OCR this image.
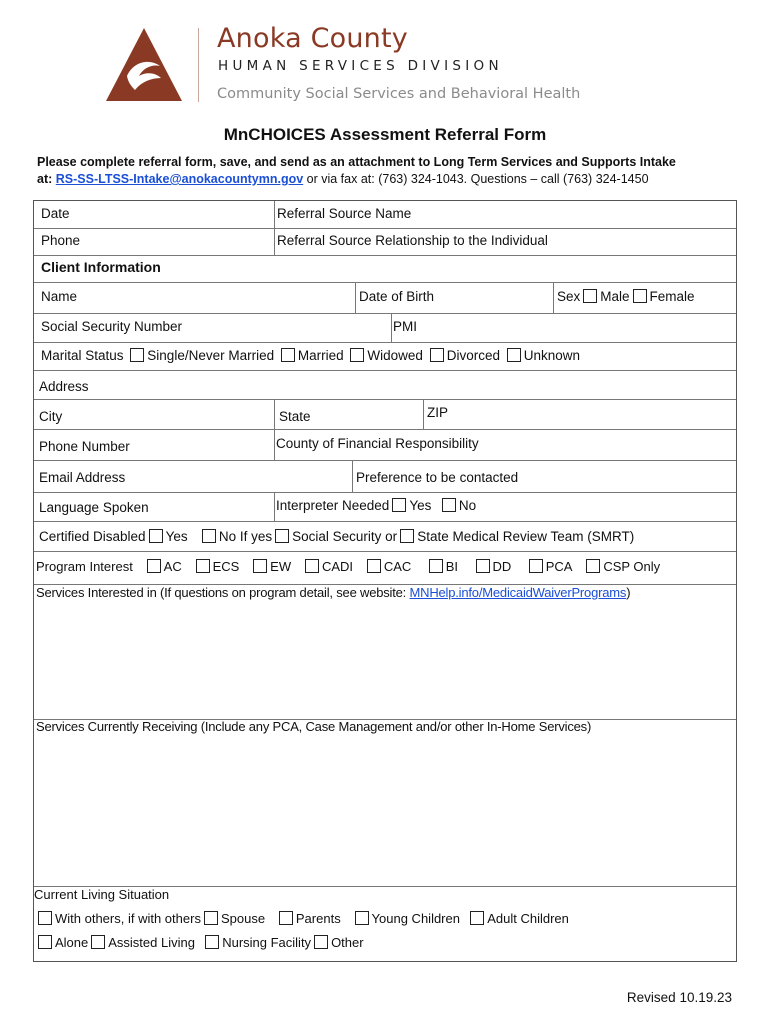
Anoka County
HUMAN SERVICES DIVISION
Community Social Services and Behavioral Health
MnCHOICES Assessment Referral Form
Please complete referral form, save, and send as an attachment to Long Term Services and Supports Intake
at: RS-SS-LTSS-Intake@anokacountymn.gov or via fax at: (763) 324-1043. Questions – call (763) 324-1450
Date	Referral Source Name
Phone	Referral Source Relationship to the Individual
Client Information
Name	Date of Birth	Sex Male Female
Social Security Number	PMI
Marital Status Single/Never Married Married Widowed Divorced Unknown
Address
City	State	ZIP
Phone Number	County of Financial Responsibility
Email Address	Preference to be contacted
Language Spoken	Interpreter Needed Yes No
Certified Disabled Yes No If yes Social Security or State Medical Review Team (SMRT)
Program Interest AC ECS EW CADI CAC	BI	DD	PCA CSP Only
Services Interested in (If questions on program detail, see website: MNHelp.info/MedicaidWaiverPrograms)
Services Currently Receiving (Include any PCA, Case Management and/or other In-Home Services)
Current Living Situation
With others, if with others Spouse Parents Young Children Adult Children
Alone Assisted Living Nursing Facility Other
Revised 10.19.23
